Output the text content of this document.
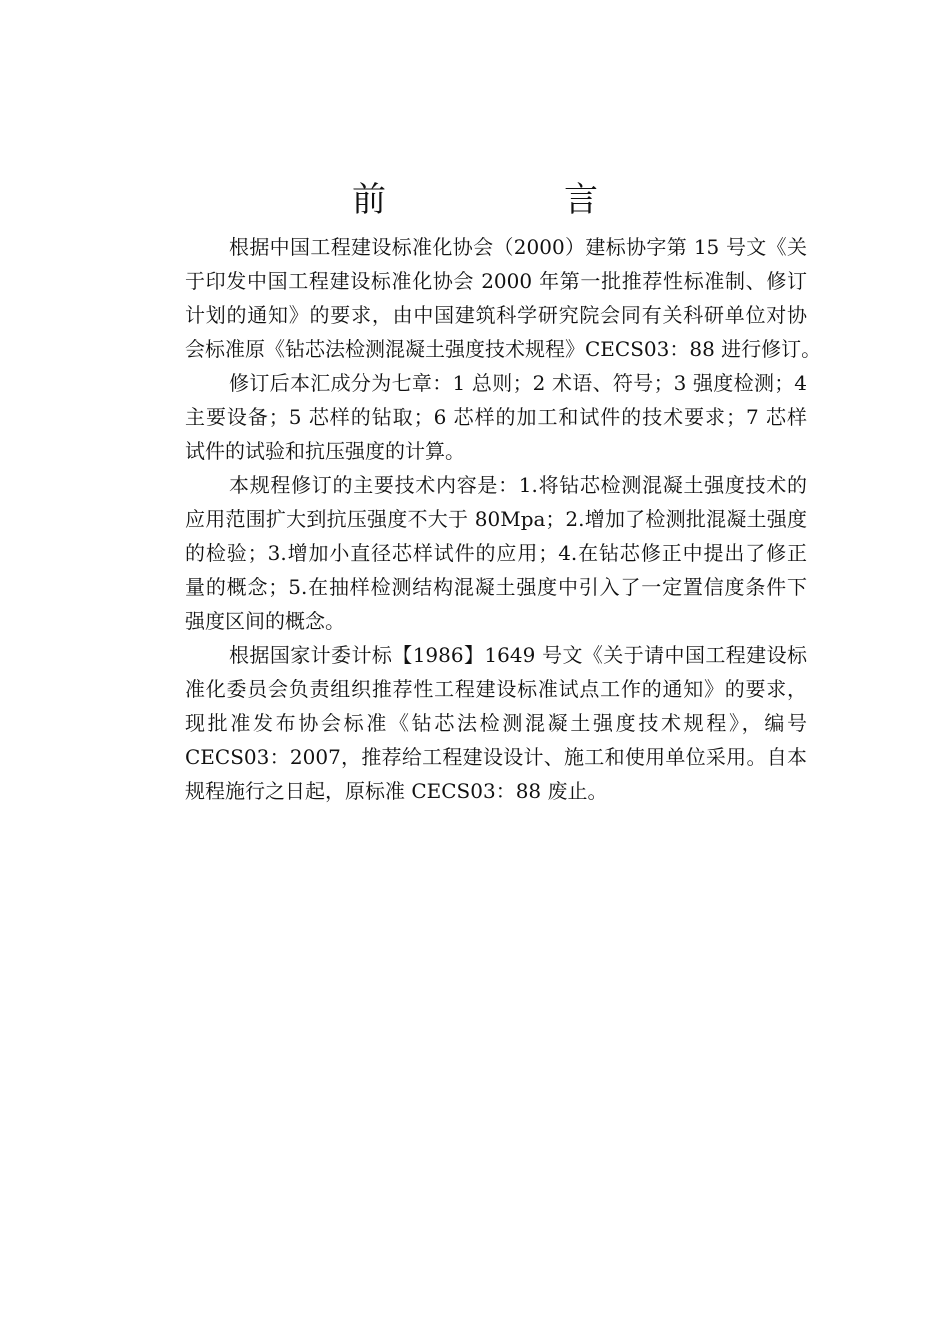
前　言
根据中国工程建设标准化协会（2000）建标协字第 15 号文《关
于印发中国工程建设标准化协会 2000 年第一批推荐性标准制、修订
计划的通知》的要求，由中国建筑科学研究院会同有关科研单位对协
会标准原《钻芯法检测混凝土强度技术规程》CECS03：88 进行修订。
修订后本汇成分为七章：1 总则；2 术语、符号；3 强度检测；4
主要设备；5 芯样的钻取；6 芯样的加工和试件的技术要求；7 芯样
试件的试验和抗压强度的计算。
本规程修订的主要技术内容是：1.将钻芯检测混凝土强度技术的
应用范围扩大到抗压强度不大于 80Mpa；2.增加了检测批混凝土强度
的检验；3.增加小直径芯样试件的应用；4.在钻芯修正中提出了修正
量的概念；5.在抽样检测结构混凝土强度中引入了一定置信度条件下
强度区间的概念。
根据国家计委计标【1986】1649 号文《关于请中国工程建设标
准化委员会负责组织推荐性工程建设标准试点工作的通知》的要求，
现批准发布协会标准《钻芯法检测混凝土强度技术规程》，编号
CECS03：2007，推荐给工程建设设计、施工和使用单位采用。自本
规程施行之日起，原标准 CECS03：88 废止。
